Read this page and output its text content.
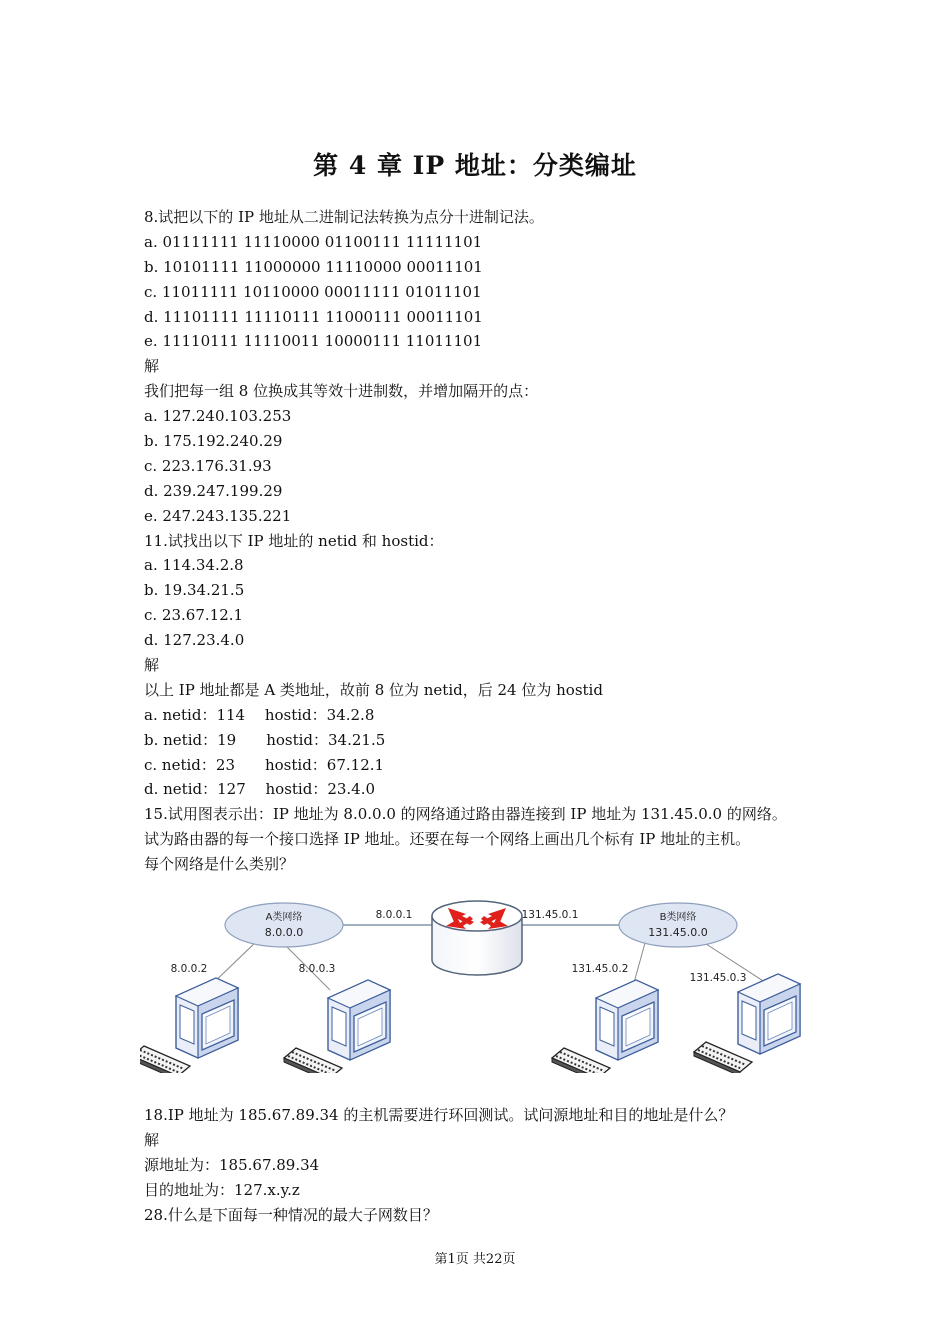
第 4 章 IP 地址：分类编址
8.试把以下的 IP 地址从二进制记法转换为点分十进制记法。
a. 01111111 11110000 01100111 11111101
b. 10101111 11000000 11110000 00011101
c. 11011111 10110000 00011111 01011101
d. 11101111 11110111 11000111 00011101
e. 11110111 11110011 10000111 11011101
解
我们把每一组 8 位换成其等效十进制数，并增加隔开的点：
a. 127.240.103.253
b. 175.192.240.29
c. 223.176.31.93
d. 239.247.199.29
e. 247.243.135.221
11.试找出以下 IP 地址的 netid 和 hostid：
a. 114.34.2.8
b. 19.34.21.5
c. 23.67.12.1
d. 127.23.4.0
解
以上 IP 地址都是 A 类地址，故前 8 位为 netid，后 24 位为 hostid
a. netid：114　 hostid：34.2.8
b. netid：19　　hostid：34.21.5
c. netid：23　　hostid：67.12.1
d. netid：127　 hostid：23.4.0
15.试用图表示出：IP 地址为 8.0.0.0 的网络通过路由器连接到 IP 地址为 131.45.0.0 的网络。
试为路由器的每一个接口选择 IP 地址。还要在每一个网络上画出几个标有 IP 地址的主机。
每个网络是什么类别？
A类网络
8.0.0.0
B类网络
131.45.0.0
8.0.0.1	131.45.0.1
8.0.0.2	8.0.0.3	131.45.0.2
131.45.0.3
18.IP 地址为 185.67.89.34 的主机需要进行环回测试。试问源地址和目的地址是什么？
解
源地址为：185.67.89.34
目的地址为：127.x.y.z
28.什么是下面每一种情况的最大子网数目？
第1页 共22页
